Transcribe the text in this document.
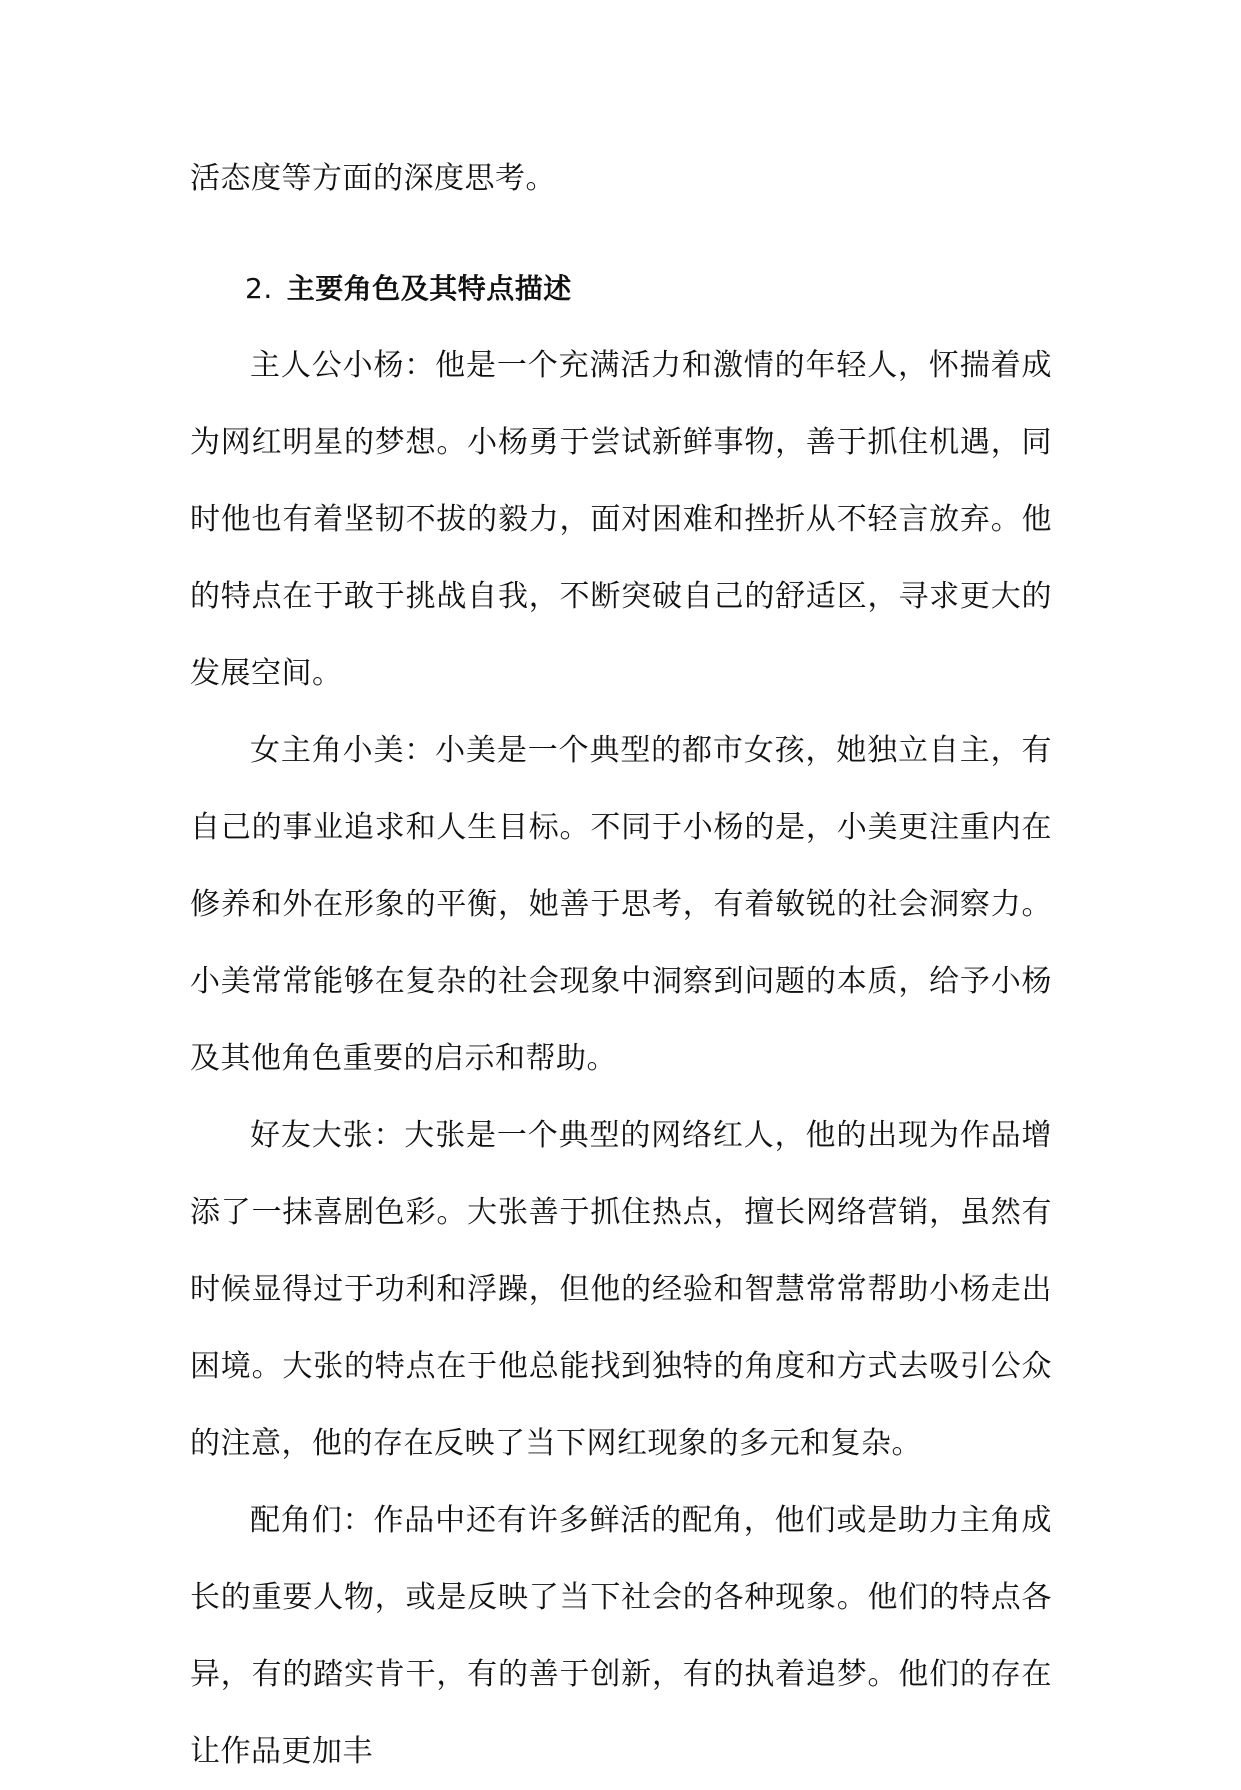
活态度等方面的深度思考。

2. 主要角色及其特点描述

主人公小杨：他是一个充满活力和激情的年轻人，怀揣着成为网红明星的梦想。小杨勇于尝试新鲜事物，善于抓住机遇，同时他也有着坚韧不拔的毅力，面对困难和挫折从不轻言放弃。他的特点在于敢于挑战自我，不断突破自己的舒适区，寻求更大的发展空间。

女主角小美：小美是一个典型的都市女孩，她独立自主，有自己的事业追求和人生目标。不同于小杨的是，小美更注重内在修养和外在形象的平衡，她善于思考，有着敏锐的社会洞察力。小美常常能够在复杂的社会现象中洞察到问题的本质，给予小杨及其他角色重要的启示和帮助。

好友大张：大张是一个典型的网络红人，他的出现为作品增添了一抹喜剧色彩。大张善于抓住热点，擅长网络营销，虽然有时候显得过于功利和浮躁，但他的经验和智慧常常帮助小杨走出困境。大张的特点在于他总能找到独特的角度和方式去吸引公众的注意，他的存在反映了当下网红现象的多元和复杂。

配角们：作品中还有许多鲜活的配角，他们或是助力主角成长的重要人物，或是反映了当下社会的各种现象。他们的特点各异，有的踏实肯干，有的善于创新，有的执着追梦。他们的存在让作品更加丰
